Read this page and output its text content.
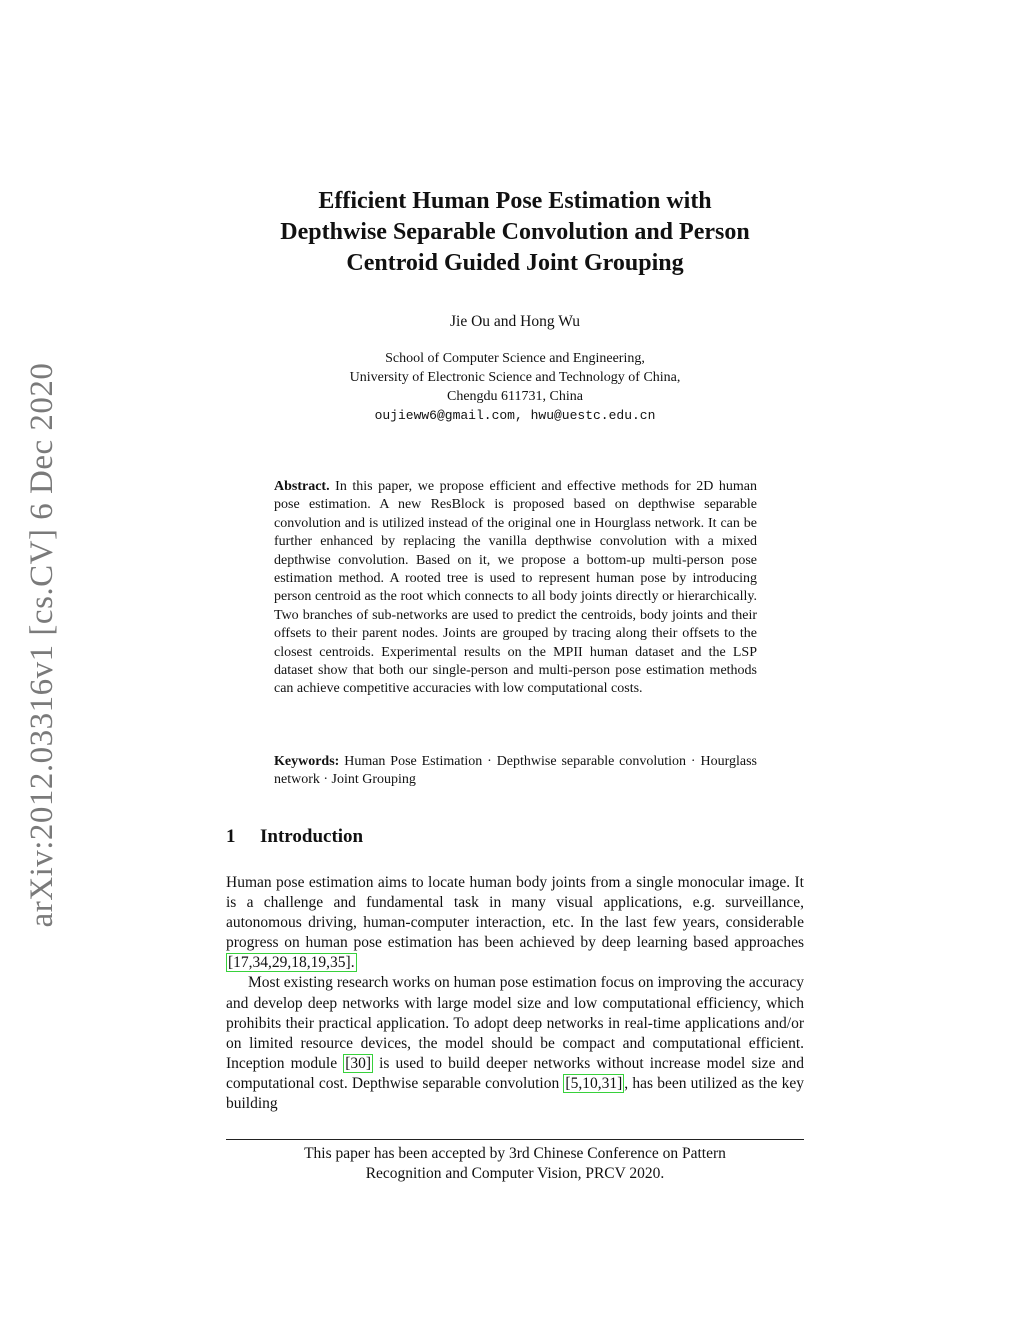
arXiv:2012.03316v1 [cs.CV] 6 Dec 2020
Efficient Human Pose Estimation with
Depthwise Separable Convolution and Person
Centroid Guided Joint Grouping
Jie Ou and Hong Wu
School of Computer Science and Engineering,
University of Electronic Science and Technology of China,
Chengdu 611731, China
oujieww6@gmail.com, hwu@uestc.edu.cn
Abstract. In this paper, we propose efficient and effective methods for 2D human pose estimation. A new ResBlock is proposed based on depthwise separable convolution and is utilized instead of the original one in Hourglass network. It can be further enhanced by replacing the vanilla depthwise convolution with a mixed depthwise convolution. Based on it, we propose a bottom-up multi-person pose estimation method. A rooted tree is used to represent human pose by introducing person centroid as the root which connects to all body joints directly or hierarchically. Two branches of sub-networks are used to predict the centroids, body joints and their offsets to their parent nodes. Joints are grouped by tracing along their offsets to the closest centroids. Experimental results on the MPII human dataset and the LSP dataset show that both our single-person and multi-person pose estimation methods can achieve competitive accuracies with low computational costs.
Keywords: Human Pose Estimation · Depthwise separable convolution · Hourglass network · Joint Grouping
1 Introduction

Human pose estimation aims to locate human body joints from a single monocular image. It is a challenge and fundamental task in many visual applications, e.g. surveillance, autonomous driving, human-computer interaction, etc. In the last few years, considerable progress on human pose estimation has been achieved by deep learning based approaches [17,34,29,18,19,35].

Most existing research works on human pose estimation focus on improving the accuracy and develop deep networks with large model size and low computational efficiency, which prohibits their practical application. To adopt deep networks in real-time applications and/or on limited resource devices, the model should be compact and computational efficient. Inception module [30] is used to build deeper networks without increase model size and computational cost. Depthwise separable convolution [5,10,31] , has been utilized as the key building

This paper has been accepted by 3rd Chinese Conference on Pattern
Recognition and Computer Vision, PRCV 2020.
